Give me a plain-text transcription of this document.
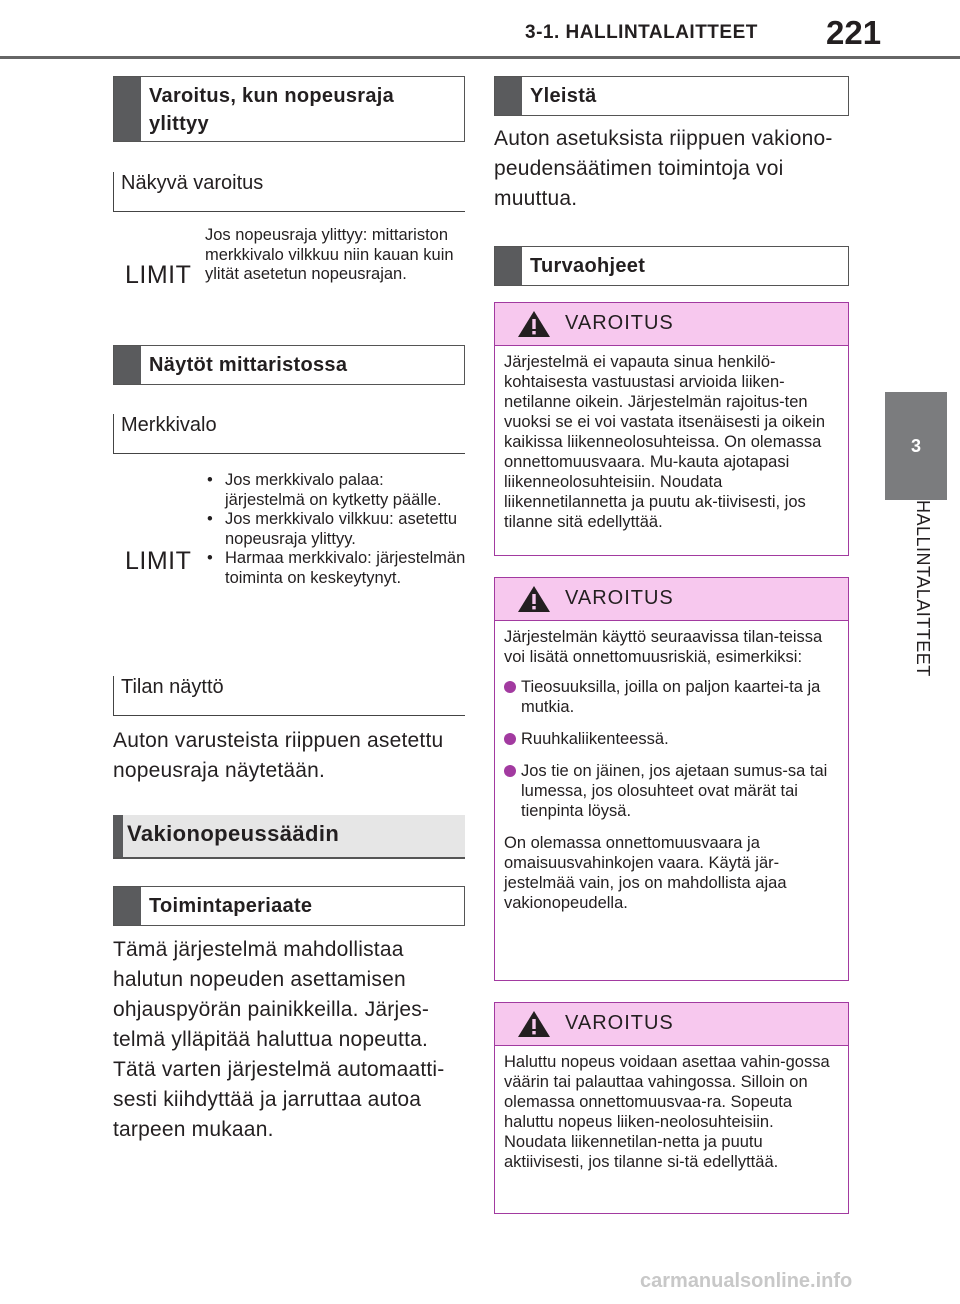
3-1. HALLINTALAITTEET 221
3
HALLINTALAITTEET
Varoitus, kun nopeusraja ylittyy
Näkyvä varoitus
LIMIT
Jos nopeusraja ylittyy: mittariston merkkivalo vilkkuu niin kauan kuin ylität asetetun nopeusrajan.
Näytöt mittaristossa
Merkkivalo
LIMIT
• Jos merkkivalo palaa: järjestelmä on kytketty päälle.
• Jos merkkivalo vilkkuu: asetettu nopeusraja ylittyy.
• Harmaa merkkivalo: järjestelmän toiminta on keskeytynyt.
Tilan näyttö
Auton varusteista riippuen asetettu
nopeusraja näytetään.
Vakionopeussäädin
Toimintaperiaate
Tämä järjestelmä mahdollistaa
halutun nopeuden asettamisen
ohjauspyörän painikkeilla. Järjes-
telmä ylläpitää haluttua nopeutta.
Tätä varten järjestelmä automaatti-
sesti kiihdyttää ja jarruttaa autoa
tarpeen mukaan.
Yleistä
Auton asetuksista riippuen vakiono-
peudensäätimen toimintoja voi
muuttua.
Turvaohjeet
VAROITUS

Järjestelmä ei vapauta sinua henkilö-kohtaisesta vastuustasi arvioida liiken-netilanne oikein. Järjestelmän rajoitus-ten vuoksi se ei voi vastata itsenäisesti ja oikein kaikissa liikenneolosuhteissa. On olemassa onnettomuusvaara. Mu-kauta ajotapasi liikenneolosuhteisiin. Noudata liikennetilannetta ja puutu ak-tiivisesti, jos tilanne sitä edellyttää.

VAROITUS

Järjestelmän käyttö seuraavissa tilan-teissa voi lisätä onnettomuusriskiä, esimerkiksi:

Tieosuuksilla, joilla on paljon kaartei-ta ja mutkia.
Ruuhkaliikenteessä.
Jos tie on jäinen, jos ajetaan sumus-sa tai lumessa, jos olosuhteet ovat märät tai tienpinta löysä.

On olemassa onnettomuusvaara ja omaisuusvahinkojen vaara. Käytä jär-jestelmää vain, jos on mahdollista ajaa vakionopeudella.

VAROITUS

Haluttu nopeus voidaan asettaa vahin-gossa väärin tai palauttaa vahingossa. Silloin on olemassa onnettomuusvaa-ra. Sopeuta haluttu nopeus liiken-neolosuhteisiin. Noudata liikennetilan-netta ja puutu aktiivisesti, jos tilanne si-tä edellyttää.

carmanualsonline.info
